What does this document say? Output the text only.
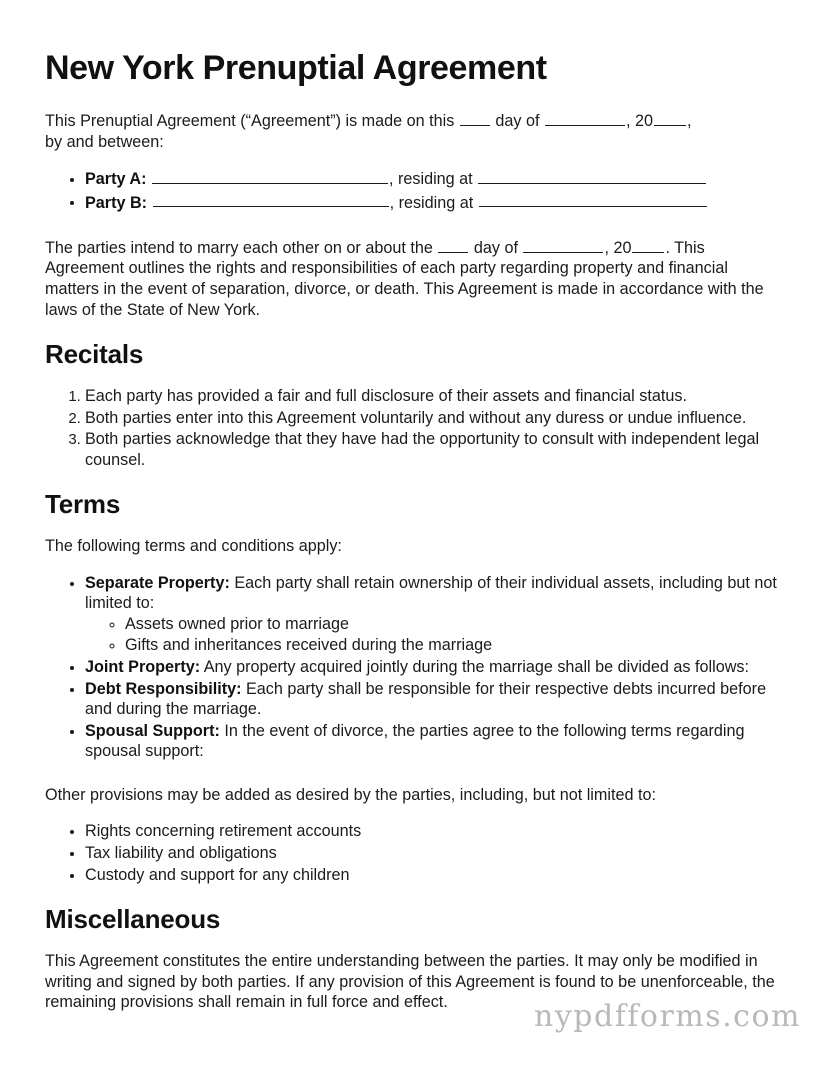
New York Prenuptial Agreement

This Prenuptial Agreement (“Agreement”) is made on this	day of	, 20 ,
by and between:

• Party A:	, residing at
• Party B:	, residing at

The parties intend to marry each other on or about the	day of	, 20 . This Agreement outlines the rights and responsibilities of each party regarding property and financial matters in the event of separation, divorce, or death. This Agreement is made in accordance with the laws of the State of New York.

Recitals
1. Each party has provided a fair and full disclosure of their assets and financial status.
2. Both parties enter into this Agreement voluntarily and without any duress or undue influence.
3. Both parties acknowledge that they have had the opportunity to consult with independent legal counsel.
Terms

The following terms and conditions apply:

• Separate Property: Each party shall retain ownership of their individual assets, including but not limited to:
◦ Assets owned prior to marriage
◦ Gifts and inheritances received during the marriage
• Joint Property: Any property acquired jointly during the marriage shall be divided as follows:
• Debt Responsibility: Each party shall be responsible for their respective debts incurred before and during the marriage.
• Spousal Support: In the event of divorce, the parties agree to the following terms regarding spousal support:

Other provisions may be added as desired by the parties, including, but not limited to:

• Rights concerning retirement accounts
• Tax liability and obligations
• Custody and support for any children
Miscellaneous

This Agreement constitutes the entire understanding between the parties. It may only be modified in writing and signed by both parties. If any provision of this Agreement is found to be unenforceable, the remaining provisions shall remain in full force and effect.	nypdfforms.com
